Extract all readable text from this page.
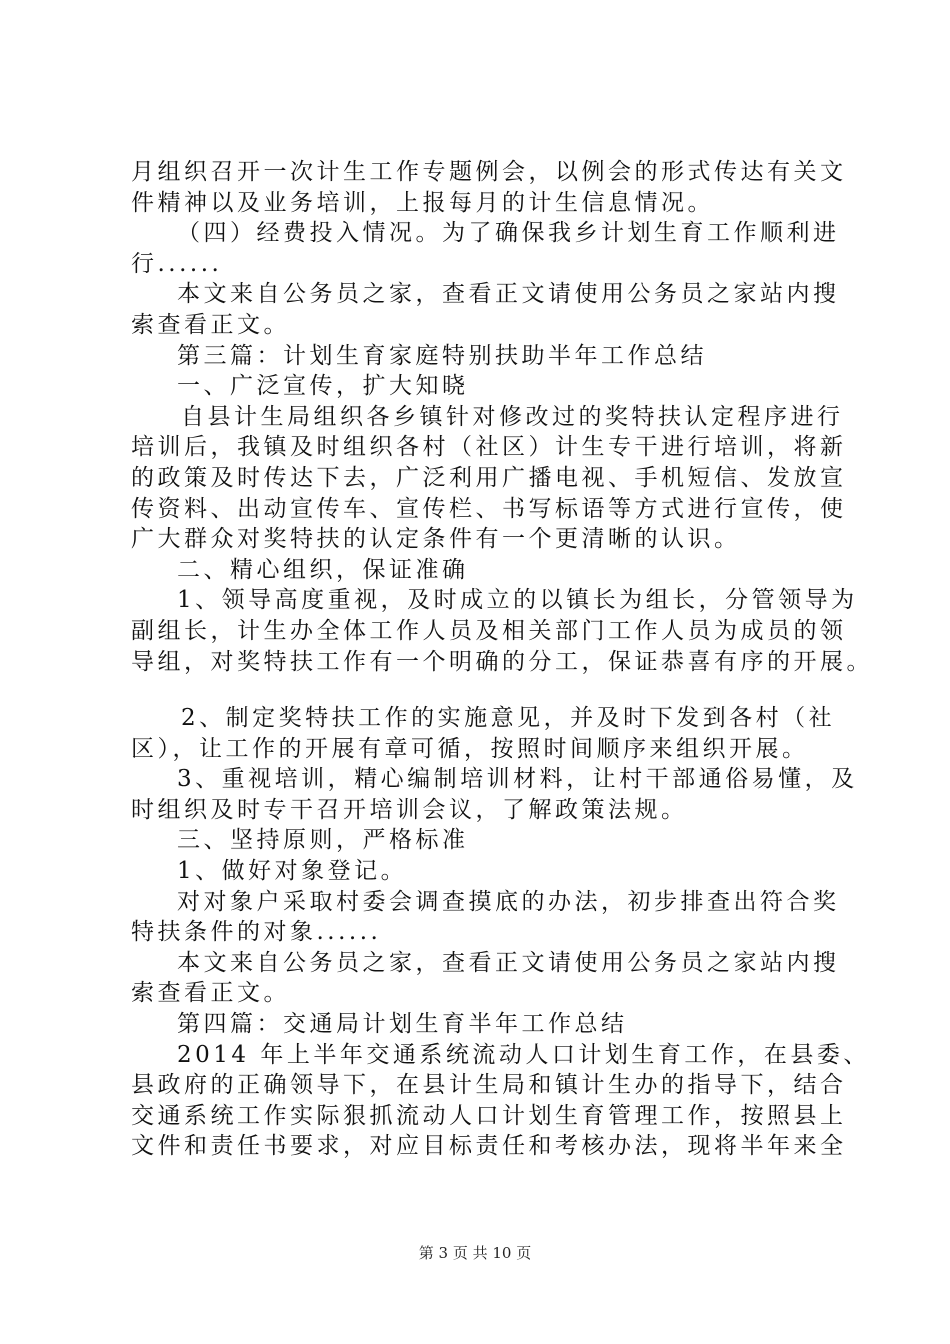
月组织召开一次计生工作专题例会，以例会的形式传达有关文
件精神以及业务培训，上报每月的计生信息情况。
（四）经费投入情况。为了确保我乡计划生育工作顺利进
行......
本文来自公务员之家，查看正文请使用公务员之家站内搜
索查看正文。
第三篇：计划生育家庭特别扶助半年工作总结
一、广泛宣传，扩大知晓
自县计生局组织各乡镇针对修改过的奖特扶认定程序进行
培训后，我镇及时组织各村（社区）计生专干进行培训，将新
的政策及时传达下去，广泛利用广播电视、手机短信、发放宣
传资料、出动宣传车、宣传栏、书写标语等方式进行宣传，使
广大群众对奖特扶的认定条件有一个更清晰的认识。
二、精心组织，保证准确
1、领导高度重视，及时成立的以镇长为组长，分管领导为
副组长，计生办全体工作人员及相关部门工作人员为成员的领
导组，对奖特扶工作有一个明确的分工，保证恭喜有序的开展。
2、制定奖特扶工作的实施意见，并及时下发到各村（社
区），让工作的开展有章可循，按照时间顺序来组织开展。
3、重视培训，精心编制培训材料，让村干部通俗易懂，及
时组织及时专干召开培训会议，了解政策法规。
三、坚持原则，严格标准
1、做好对象登记。
对对象户采取村委会调查摸底的办法，初步排查出符合奖
特扶条件的对象......
本文来自公务员之家，查看正文请使用公务员之家站内搜
索查看正文。
第四篇：交通局计划生育半年工作总结
2014 年上半年交通系统流动人口计划生育工作，在县委、
县政府的正确领导下，在县计生局和镇计生办的指导下，结合
交通系统工作实际狠抓流动人口计划生育管理工作，按照县上
文件和责任书要求，对应目标责任和考核办法，现将半年来全
第 3 页 共 10 页
